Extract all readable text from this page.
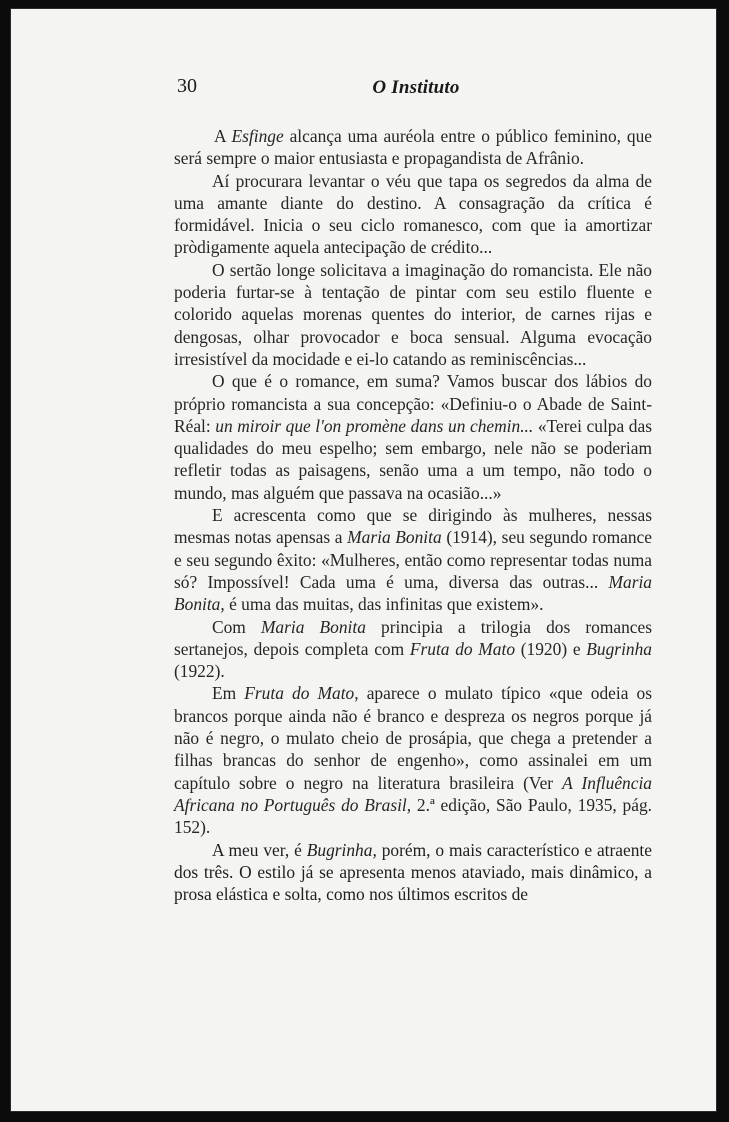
30	O Instituto

A Esfinge alcança uma auréola entre o público feminino, que será sempre o maior entusiasta e propagandista de Afrânio.

Aí procurara levantar o véu que tapa os segredos da alma de uma amante diante do destino. A consagração da crítica é formidável. Inicia o seu ciclo romanesco, com que ia amortizar pròdigamente aquela antecipação de crédito...

O sertão longe solicitava a imaginação do romancista. Ele não poderia furtar-se à tentação de pintar com seu estilo fluente e colorido aquelas morenas quentes do interior, de carnes rijas e dengosas, olhar provocador e boca sensual. Alguma evocação irresistível da mocidade e ei-lo catando as reminiscências...

O que é o romance, em suma? Vamos buscar dos lábios do próprio romancista a sua concepção: «Definiu-o o Abade de Saint-Réal: un miroir que l'on promène dans un chemin... «Terei culpa das qualidades do meu espelho; sem embargo, nele não se poderiam refletir todas as paisagens, senão uma a um tempo, não todo o mundo, mas alguém que passava na ocasião...»

E acrescenta como que se dirigindo às mulheres, nessas mesmas notas apensas a Maria Bonita (1914), seu segundo romance e seu segundo êxito: «Mulheres, então como representar todas numa só? Impossível! Cada uma é uma, diversa das outras... Maria Bonita, é uma das muitas, das infinitas que existem».

Com Maria Bonita principia a trilogia dos romances sertanejos, depois completa com Fruta do Mato (1920) e Bugrinha (1922).

Em Fruta do Mato, aparece o mulato típico «que odeia os brancos porque ainda não é branco e despreza os negros porque já não é negro, o mulato cheio de prosápia, que chega a pretender a filhas brancas do senhor de engenho», como assinalei em um capítulo sobre o negro na literatura brasileira (Ver A Influência Africana no Português do Brasil, 2.ª edição, São Paulo, 1935, pág. 152).

A meu ver, é Bugrinha, porém, o mais característico e atraente dos três. O estilo já se apresenta menos ataviado, mais dinâmico, a prosa elástica e solta, como nos últimos escritos de
